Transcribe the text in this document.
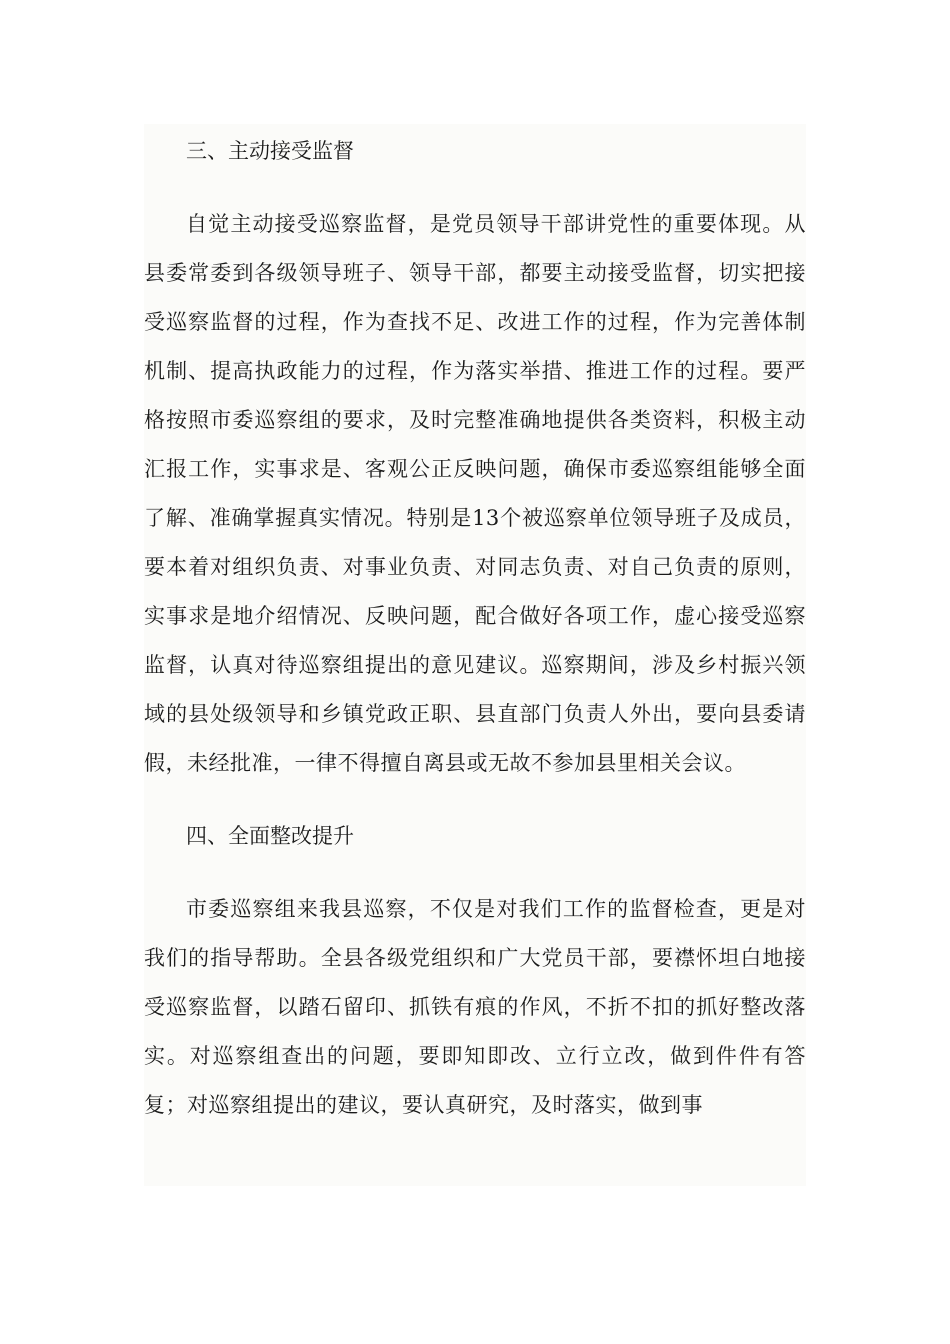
三、主动接受监督

自觉主动接受巡察监督，是党员领导干部讲党性的重要体现。从县委常委到各级领导班子、领导干部，都要主动接受监督，切实把接受巡察监督的过程，作为查找不足、改进工作的过程，作为完善体制机制、提高执政能力的过程，作为落实举措、推进工作的过程。要严格按照市委巡察组的要求，及时完整准确地提供各类资料，积极主动汇报工作，实事求是、客观公正反映问题，确保市委巡察组能够全面了解、准确掌握真实情况。特别是13个被巡察单位领导班子及成员，要本着对组织负责、对事业负责、对同志负责、对自己负责的原则，实事求是地介绍情况、反映问题，配合做好各项工作，虚心接受巡察监督，认真对待巡察组提出的意见建议。巡察期间，涉及乡村振兴领域的县处级领导和乡镇党政正职、县直部门负责人外出，要向县委请假，未经批准，一律不得擅自离县或无故不参加县里相关会议。

四、全面整改提升

市委巡察组来我县巡察，不仅是对我们工作的监督检查，更是对我们的指导帮助。全县各级党组织和广大党员干部，要襟怀坦白地接受巡察监督，以踏石留印、抓铁有痕的作风，不折不扣的抓好整改落实。对巡察组查出的问题，要即知即改、立行立改，做到件件有答复；对巡察组提出的建议，要认真研究，及时落实，做到事
